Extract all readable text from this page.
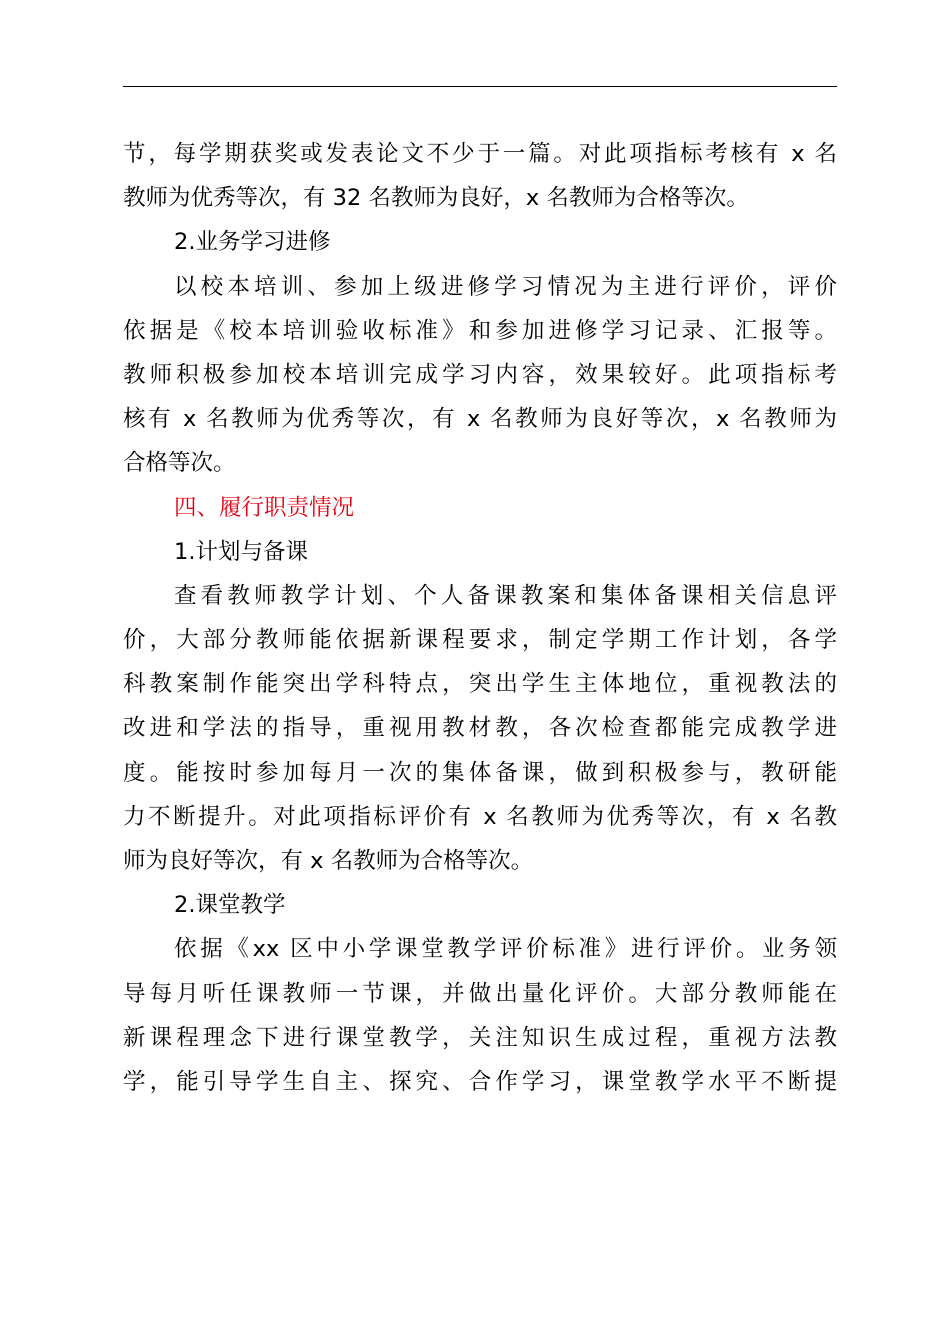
节，每学期获奖或发表论文不少于一篇。对此项指标考核有 x 名
教师为优秀等次，有 32 名教师为良好，x 名教师为合格等次。
2.业务学习进修
以校本培训、参加上级进修学习情况为主进行评价，评价
依据是《校本培训验收标准》和参加进修学习记录、汇报等。
教师积极参加校本培训完成学习内容，效果较好。此项指标考
核有 x 名教师为优秀等次，有 x 名教师为良好等次，x 名教师为
合格等次。
四、履行职责情况
1.计划与备课
查看教师教学计划、个人备课教案和集体备课相关信息评
价，大部分教师能依据新课程要求，制定学期工作计划，各学
科教案制作能突出学科特点，突出学生主体地位，重视教法的
改进和学法的指导，重视用教材教，各次检查都能完成教学进
度。能按时参加每月一次的集体备课，做到积极参与，教研能
力不断提升。对此项指标评价有 x 名教师为优秀等次，有 x 名教
师为良好等次，有 x 名教师为合格等次。
2.课堂教学
依据《xx 区中小学课堂教学评价标准》进行评价。业务领
导每月听任课教师一节课，并做出量化评价。大部分教师能在
新课程理念下进行课堂教学，关注知识生成过程，重视方法教
学，能引导学生自主、探究、合作学习，课堂教学水平不断提
